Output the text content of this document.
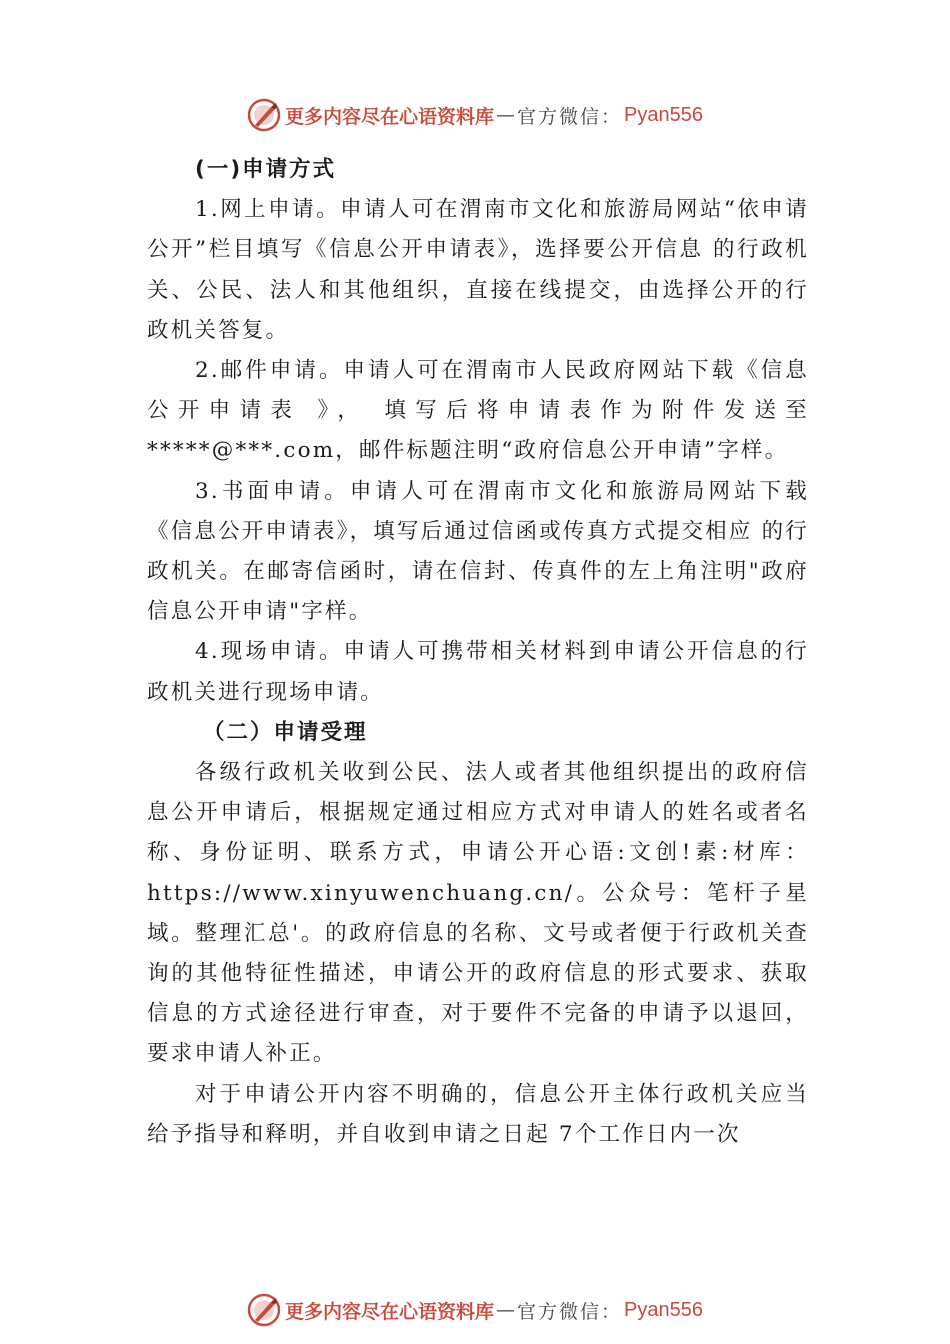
更多内容尽在心语资料库 — 官方微信： Pyan556
(一)申请方式

1.网上申请。申请人可在渭南市文化和旅游局网站“依申请公开”栏目填写《信息公开申请表》，选择要公开信息 的行政机关、公民、法人和其他组织，直接在线提交，由选择公开的行政机关答复。

2.邮件申请。申请人可在渭南市人民政府网站下载《信息公开申请表 》， 填写后将申请表作为附件发送至*****@***.com，邮件标题注明“政府信息公开申请”字样。

3.书面申请。申请人可在渭南市文化和旅游局网站下载《信息公开申请表》，填写后通过信函或传真方式提交相应 的行政机关。在邮寄信函时，请在信封、传真件的左上角注明"政府信息公开申请"字样。

4.现场申请。申请人可携带相关材料到申请公开信息的行政机关进行现场申请。

（二）申请受理

各级行政机关收到公民、法人或者其他组织提出的政府信息公开申请后，根据规定通过相应方式对申请人的姓名或者名称、身份证明、联系方式，申请公开心语:文创!素:材库：https://www.xinyuwenchuang.cn/。公众号：笔杆子星域。整理汇总'。的政府信息的名称、文号或者便于行政机关查询的其他特征性描述，申请公开的政府信息的形式要求、获取信息的方式途径进行审查，对于要件不完备的申请予以退回，要求申请人补正。

对于申请公开内容不明确的，信息公开主体行政机关应当给予指导和释明，并自收到申请之日起 7个工作日内一次

更多内容尽在心语资料库 — 官方微信： Pyan556
